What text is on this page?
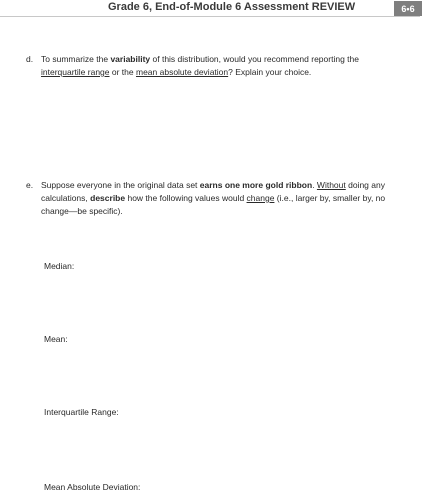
Grade 6, End-of-Module 6 Assessment REVIEW	6•6
d. To summarize the variability of this distribution, would you recommend reporting the
interquartile range or the mean absolute deviation? Explain your choice.
e. Suppose everyone in the original data set earns one more gold ribbon. Without doing any
calculations, describe how the following values would change (i.e., larger by, smaller by, no
change—be specific).
Median:
Mean:
Interquartile Range:
Mean Absolute Deviation:
